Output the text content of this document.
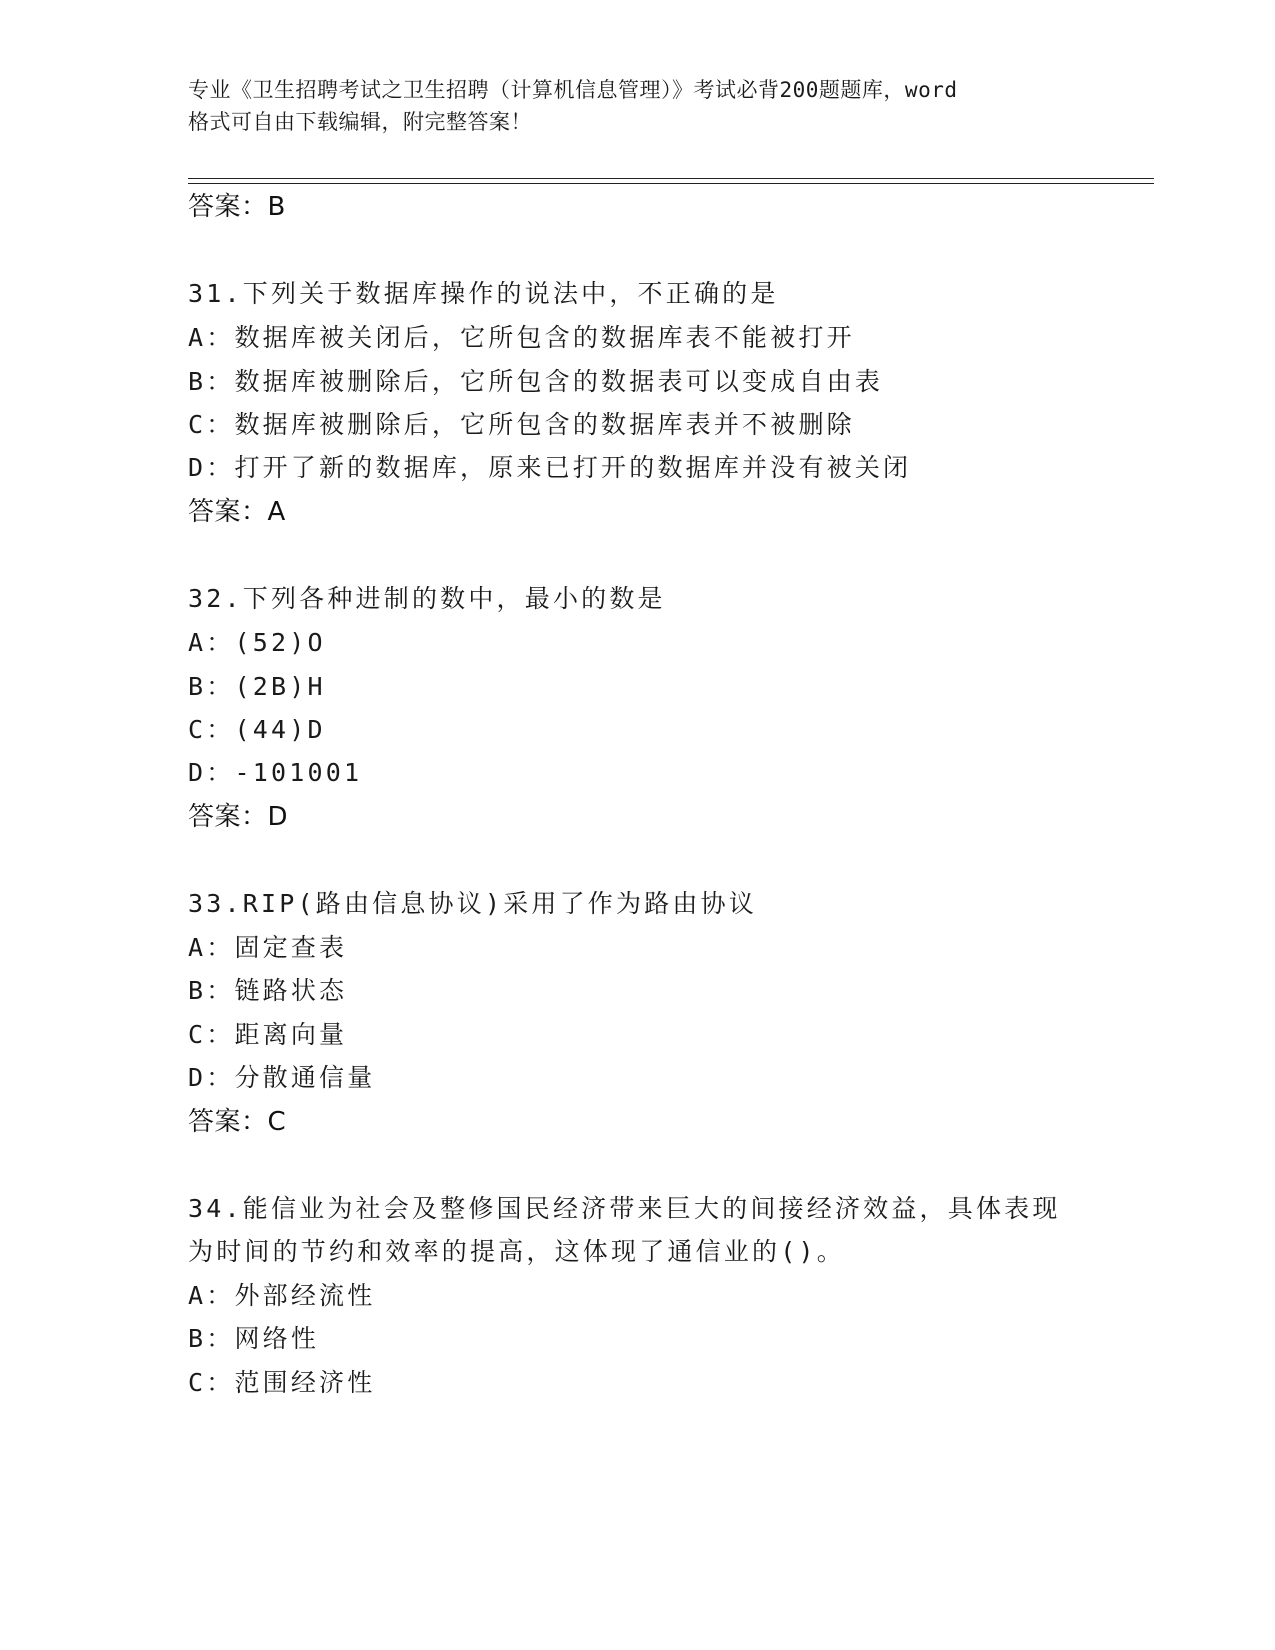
专业《卫生招聘考试之卫生招聘（计算机信息管理）》考试必背200题题库，word
格式可自由下载编辑，附完整答案！
答案：B
31.下列关于数据库操作的说法中，不正确的是
A：数据库被关闭后，它所包含的数据库表不能被打开
B：数据库被删除后，它所包含的数据表可以变成自由表
C：数据库被删除后，它所包含的数据库表并不被删除
D：打开了新的数据库，原来已打开的数据库并没有被关闭
答案：A
32.下列各种进制的数中，最小的数是
A：(52)O
B：(2B)H
C：(44)D
D：-101001
答案：D
33.RIP(路由信息协议)采用了作为路由协议
A：固定查表
B：链路状态
C：距离向量
D：分散通信量
答案：C
34.能信业为社会及整修国民经济带来巨大的间接经济效益，具体表现
为时间的节约和效率的提高，这体现了通信业的()。
A：外部经流性
B：网络性
C：范围经济性
